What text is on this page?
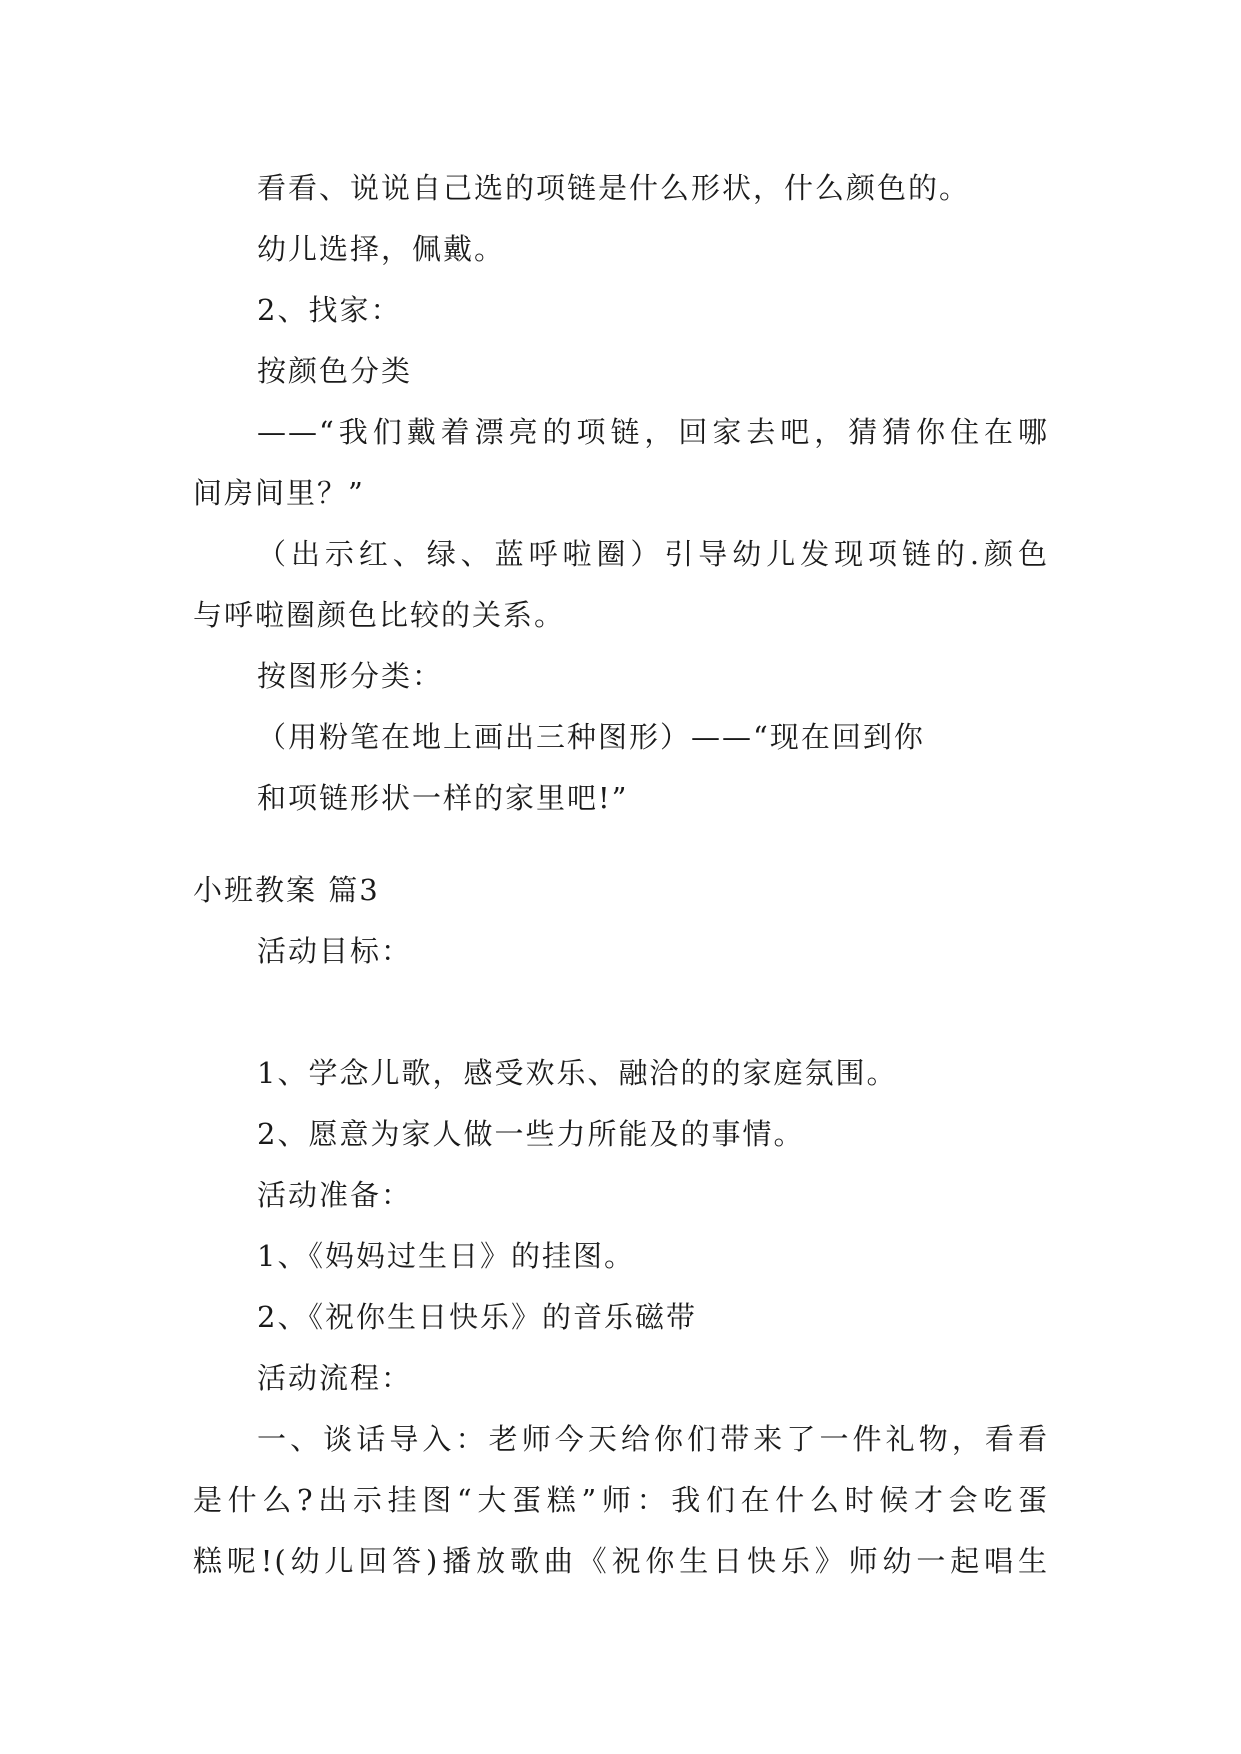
看看、说说自己选的项链是什么形状，什么颜色的。
幼儿选择，佩戴。
2、找家：
按颜色分类
——“我们戴着漂亮的项链，回家去吧，猜猜你住在哪
间房间里？”
（出示红、绿、蓝呼啦圈）引导幼儿发现项链的.颜色
与呼啦圈颜色比较的关系。
按图形分类：
（用粉笔在地上画出三种图形）——“现在回到你
和项链形状一样的家里吧!”
小班教案 篇3
活动目标：
1、学念儿歌，感受欢乐、融洽的的家庭氛围。
2、愿意为家人做一些力所能及的事情。
活动准备：
1、《妈妈过生日》的挂图。
2、《祝你生日快乐》的音乐磁带
活动流程：
一、谈话导入：老师今天给你们带来了一件礼物，看看
是什么?出示挂图“大蛋糕”师：我们在什么时候才会吃蛋
糕呢!(幼儿回答)播放歌曲《祝你生日快乐》师幼一起唱生
